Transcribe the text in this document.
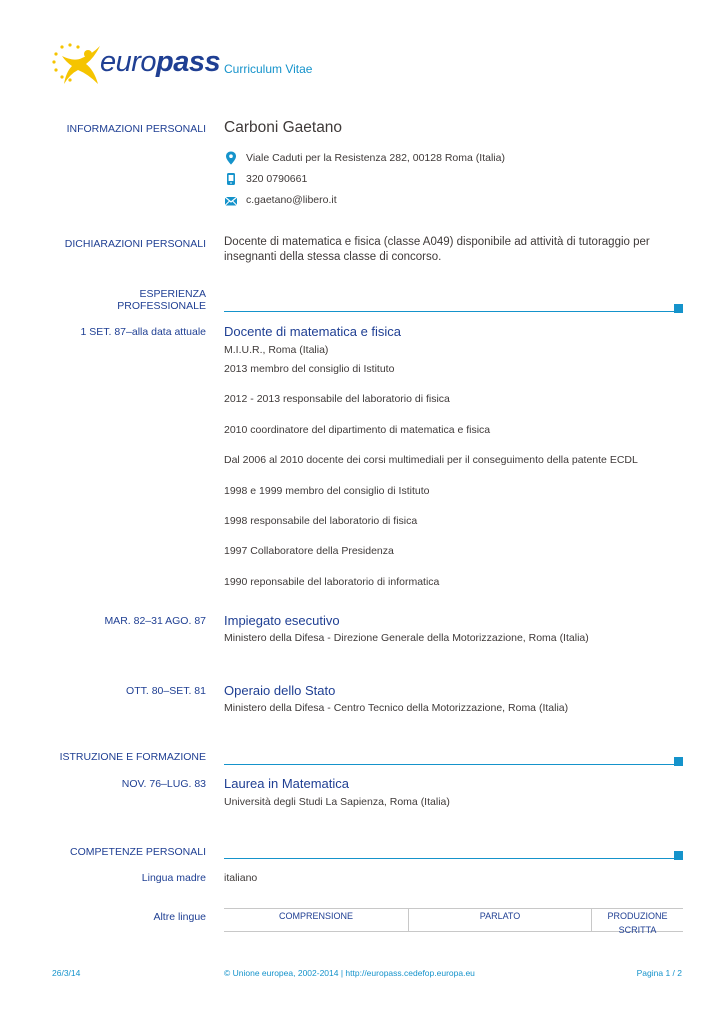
europass Curriculum Vitae
INFORMAZIONI PERSONALI Carboni Gaetano
Viale Caduti per la Resistenza 282, 00128 Roma (Italia)
320 0790661
c.gaetano@libero.it
DICHIARAZIONI PERSONALI Docente di matematica e fisica (classe A049) disponibile ad attività di tutoraggio per
insegnanti della stessa classe di concorso.
ESPERIENZA
PROFESSIONALE
1 SET. 87–alla data attuale Docente di matematica e fisica
M.I.U.R., Roma (Italia)
2013 membro del consiglio di Istituto
2012 - 2013 responsabile del laboratorio di fisica
2010 coordinatore del dipartimento di matematica e fisica
Dal 2006 al 2010 docente dei corsi multimediali per il conseguimento della patente ECDL
1998 e 1999 membro del consiglio di Istituto
1998 responsabile del laboratorio di fisica
1997 Collaboratore della Presidenza
1990 reponsabile del laboratorio di informatica
MAR. 82–31 AGO. 87 Impiegato esecutivo
Ministero della Difesa - Direzione Generale della Motorizzazione, Roma (Italia)
OTT. 80–SET. 81 Operaio dello Stato
Ministero della Difesa - Centro Tecnico della Motorizzazione, Roma (Italia)
ISTRUZIONE E FORMAZIONE
NOV. 76–LUG. 83 Laurea in Matematica
Università degli Studi La Sapienza, Roma (Italia)
COMPETENZE PERSONALI
Lingua madre italiano
Altre lingue	COMPRENSIONE	PARLATO	PRODUZIONE SCRITTA
26/3/14	© Unione europea, 2002-2014 | http://europass.cedefop.europa.eu	Pagina 1 / 2
